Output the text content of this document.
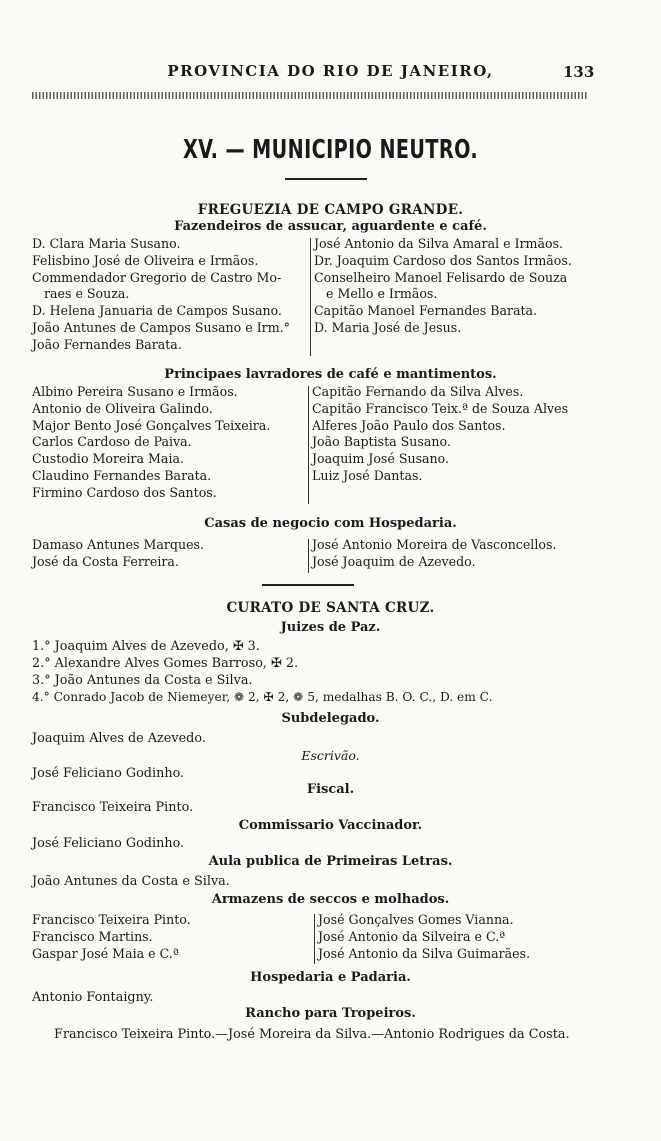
PROVINCIA DO RIO DE JANEIRO,	133
XV. — MUNICIPIO NEUTRO.
FREGUEZIA DE CAMPO GRANDE.
Fazendeiros de assucar, aguardente e café.
D. Clara Maria Susano.
Felisbino José de Oliveira e Irmãos.
Commendador Gregorio de Castro Mo-
raes e Souza.
D. Helena Januaria de Campos Susano.
João Antunes de Campos Susano e Irm.°
João Fernandes Barata.
José Antonio da Silva Amaral e Irmãos.
Dr. Joaquim Cardoso dos Santos Irmãos.
Conselheiro Manoel Felisardo de Souza
e Mello e Irmãos.
Capitão Manoel Fernandes Barata.
D. Maria José de Jesus.
Principaes lavradores de café e mantimentos.
Albino Pereira Susano e Irmãos.
Antonio de Oliveira Galindo.
Major Bento José Gonçalves Teixeira.
Carlos Cardoso de Paiva.
Custodio Moreira Maia.
Claudino Fernandes Barata.
Firmino Cardoso dos Santos.
Capitão Fernando da Silva Alves.
Capitão Francisco Teix.ª de Souza Alves
Alferes João Paulo dos Santos.
João Baptista Susano.
Joaquim José Susano.
Luiz José Dantas.
Casas de negocio com Hospedaria.
Damaso Antunes Marques.
José da Costa Ferreira.
José Antonio Moreira de Vasconcellos.
José Joaquim de Azevedo.
CURATO DE SANTA CRUZ.
Juizes de Paz.
1.° Joaquim Alves de Azevedo, ✠ 3.
2.° Alexandre Alves Gomes Barroso, ✠ 2.
3.° João Antunes da Costa e Silva.
4.° Conrado Jacob de Niemeyer, ❁ 2, ✠ 2, ❁ 5, medalhas B. O. C., D. em C.
Subdelegado.
Joaquim Alves de Azevedo.
Escrivão.
José Feliciano Godinho.
Fiscal.
Francisco Teixeira Pinto.
Commissario Vaccinador.
José Feliciano Godinho.
Aula publica de Primeiras Letras.
João Antunes da Costa e Silva.
Armazens de seccos e molhados.
Francisco Teixeira Pinto.
Francisco Martins.
Gaspar José Maia e C.ª
José Gonçalves Gomes Vianna.
José Antonio da Silveira e C.ª
José Antonio da Silva Guimarães.
Hospedaria e Padaria.
Antonio Fontaigny.
Rancho para Tropeiros.
Francisco Teixeira Pinto.—José Moreira da Silva.—Antonio Rodrigues da Costa.
